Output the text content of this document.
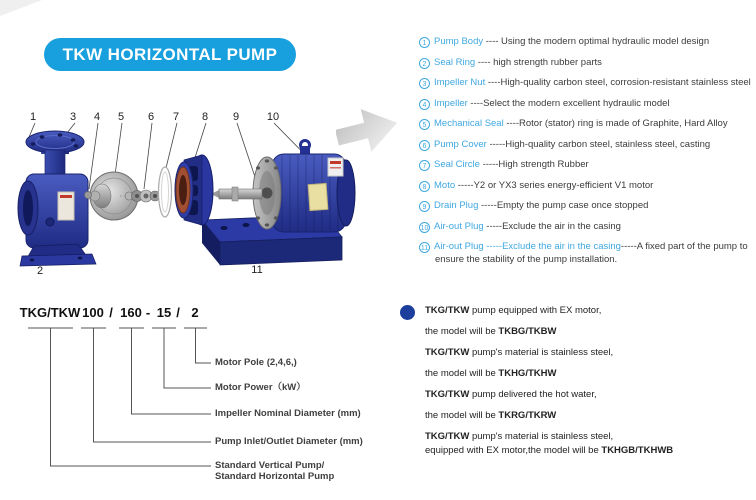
TKW HORIZONTAL PUMP
1	3 4 5 6 7 8 9	10
2	11
1 Pump Body ---- Using the modern optimal hydraulic model design
2 Seal Ring ---- high strength rubber parts
3 Impeller Nut ----High-quality carbon steel, corrosion-resistant stainless steel
4 Impeller ----Select the modern excellent hydraulic model
5 Mechanical Seal ----Rotor (stator) ring is made of Graphite, Hard Alloy
6 Pump Cover -----High-quality carbon steel, stainless steel, casting
7 Seal Circle -----High strength Rubber
8 Moto -----Y2 or YX3 series energy-efficient V1 motor
9 Drain Plug -----Empty the pump case once stopped
10 Air-out Plug -----Exclude the air in the casing
11 Air-out Plug -----Exclude the air in the casing-----A fixed part of the pump to ensure the stability of the pump installation.
TKG/TKW 100 / 160 - 15 / 2
Motor Pole (2,4,6,)
Motor Power（kW）
Impeller Nominal Diameter (mm)
Pump Inlet/Outlet Diameter (mm)
Standard Vertical Pump/
Standard Horizontal Pump
TKG/TKW pump equipped with EX motor,
the model will be TKBG/TKBW
TKG/TKW pump's material is stainless steel,
the model will be TKHG/TKHW
TKG/TKW pump delivered the hot water,
the model will be TKRG/TKRW
TKG/TKW pump's material is stainless steel,
equipped with EX motor,the model will be TKHGB/TKHWB
